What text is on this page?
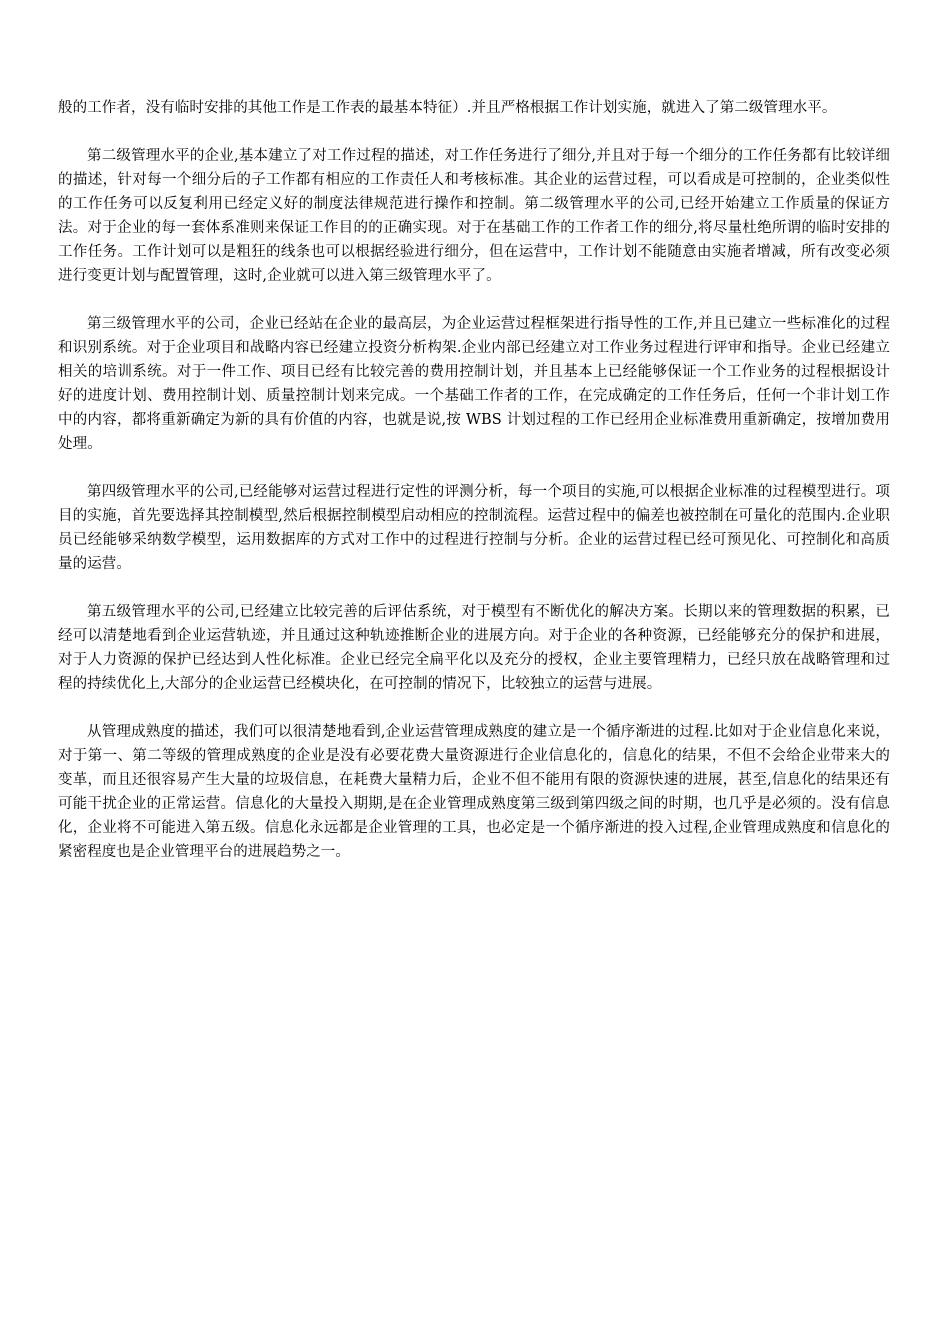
般的工作者，没有临时安排的其他工作是工作表的最基本特征）.并且严格根据工作计划实施，就进入了第二级管理水平。

第二级管理水平的企业,基本建立了对工作过程的描述，对工作任务进行了细分,并且对于每一个细分的工作任务都有比较详细的描述，针对每一个细分后的子工作都有相应的工作责任人和考核标准。其企业的运营过程，可以看成是可控制的，企业类似性的工作任务可以反复利用已经定义好的制度法律规范进行操作和控制。第二级管理水平的公司,已经开始建立工作质量的保证方法。对于企业的每一套体系准则来保证工作目的的正确实现。对于在基础工作的工作者工作的细分,将尽量杜绝所谓的临时安排的工作任务。工作计划可以是粗狂的线条也可以根据经验进行细分，但在运营中，工作计划不能随意由实施者增减，所有改变必须进行变更计划与配置管理，这时,企业就可以进入第三级管理水平了。

第三级管理水平的公司，企业已经站在企业的最高层，为企业运营过程框架进行指导性的工作,并且已建立一些标准化的过程和识别系统。对于企业项目和战略内容已经建立投资分析构架.企业内部已经建立对工作业务过程进行评审和指导。企业已经建立相关的培训系统。对于一件工作、项目已经有比较完善的费用控制计划，并且基本上已经能够保证一个工作业务的过程根据设计好的进度计划、费用控制计划、质量控制计划来完成。一个基础工作者的工作，在完成确定的工作任务后，任何一个非计划工作中的内容，都将重新确定为新的具有价值的内容，也就是说,按 WBS 计划过程的工作已经用企业标准费用重新确定，按增加费用处理。

第四级管理水平的公司,已经能够对运营过程进行定性的评测分析，每一个项目的实施,可以根据企业标准的过程模型进行。项目的实施，首先要选择其控制模型,然后根据控制模型启动相应的控制流程。运营过程中的偏差也被控制在可量化的范围内.企业职员已经能够采纳数学模型，运用数据库的方式对工作中的过程进行控制与分析。企业的运营过程已经可预见化、可控制化和高质量的运营。

第五级管理水平的公司,已经建立比较完善的后评估系统，对于模型有不断优化的解决方案。长期以来的管理数据的积累，已经可以清楚地看到企业运营轨迹，并且通过这种轨迹推断企业的进展方向。对于企业的各种资源，已经能够充分的保护和进展，对于人力资源的保护已经达到人性化标准。企业已经完全扁平化以及充分的授权，企业主要管理精力，已经只放在战略管理和过程的持续优化上,大部分的企业运营已经模块化，在可控制的情况下，比较独立的运营与进展。

从管理成熟度的描述，我们可以很清楚地看到,企业运营管理成熟度的建立是一个循序渐进的过程.比如对于企业信息化来说，对于第一、第二等级的管理成熟度的企业是没有必要花费大量资源进行企业信息化的，信息化的结果，不但不会给企业带来大的变革，而且还很容易产生大量的垃圾信息，在耗费大量精力后，企业不但不能用有限的资源快速的进展，甚至,信息化的结果还有可能干扰企业的正常运营。信息化的大量投入期期,是在企业管理成熟度第三级到第四级之间的时期，也几乎是必须的。没有信息化，企业将不可能进入第五级。信息化永远都是企业管理的工具，也必定是一个循序渐进的投入过程,企业管理成熟度和信息化的紧密程度也是企业管理平台的进展趋势之一。
